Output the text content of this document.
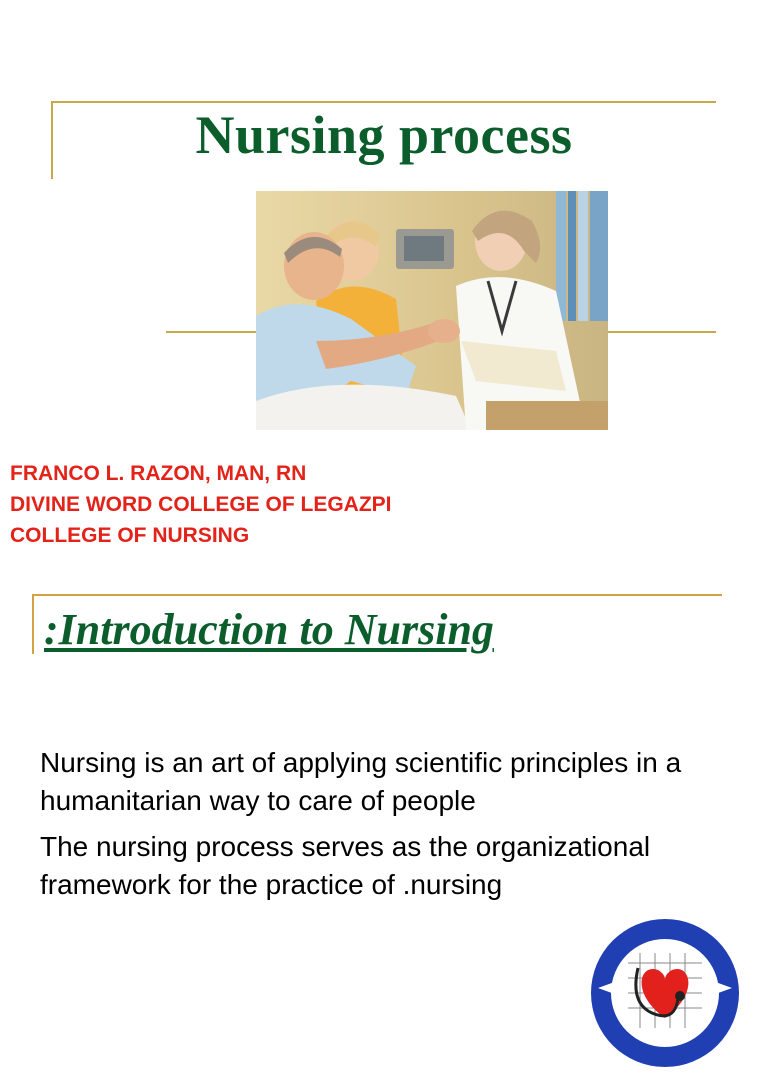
Nursing process
FRANCO L. RAZON, MAN, RN
DIVINE WORD COLLEGE OF LEGAZPI
COLLEGE OF NURSING
:Introduction to Nursing

Nursing is an art of applying scientific principles in a humanitarian way to care of people

The nursing process serves as the organizational framework for the practice of .nursing
